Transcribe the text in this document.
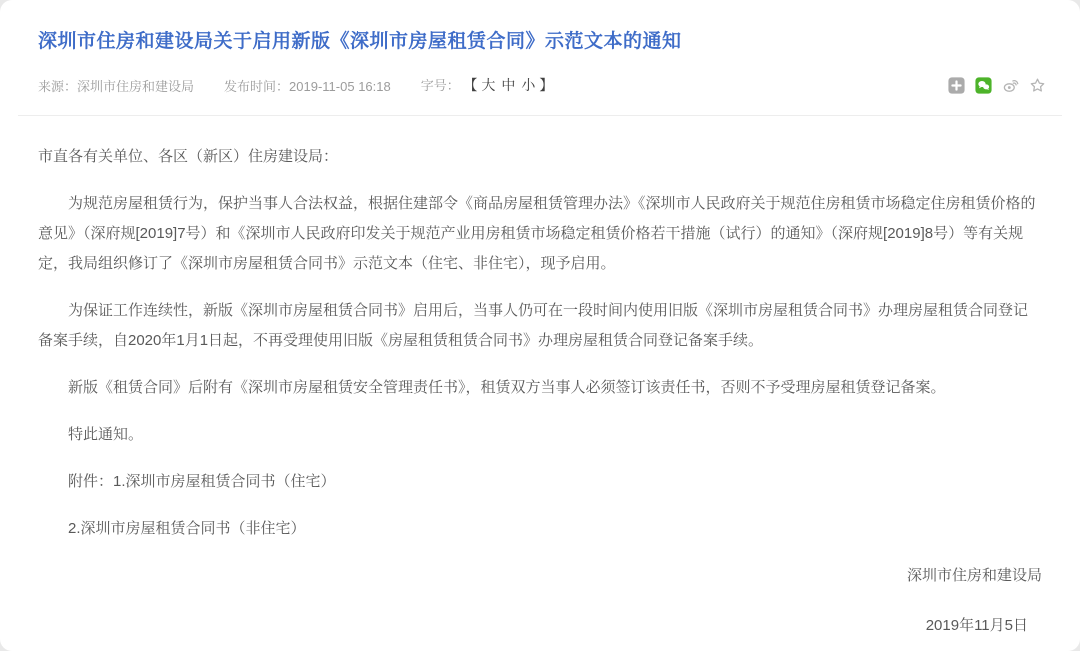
深圳市住房和建设局关于启用新版《深圳市房屋租赁合同》示范文本的通知
来源：深圳市住房和建设局 发布时间：2019-11-05 16:18 字号： 【 大 中 小 】

市直各有关单位、各区（新区）住房建设局：

为规范房屋租赁行为，保护当事人合法权益，根据住建部令《商品房屋租赁管理办法》《深圳市人民政府关于规范住房租赁市场稳定住房租赁价格的意见》（深府规[2019]7号）和《深圳市人民政府印发关于规范产业用房租赁市场稳定租赁价格若干措施（试行）的通知》（深府规[2019]8号）等有关规定，我局组织修订了《深圳市房屋租赁合同书》示范文本（住宅、非住宅），现予启用。

为保证工作连续性，新版《深圳市房屋租赁合同书》启用后，当事人仍可在一段时间内使用旧版《深圳市房屋租赁合同书》办理房屋租赁合同登记备案手续，自2020年1月1日起，不再受理使用旧版《房屋租赁租赁合同书》办理房屋租赁合同登记备案手续。

新版《租赁合同》后附有《深圳市房屋租赁安全管理责任书》，租赁双方当事人必须签订该责任书，否则不予受理房屋租赁登记备案。

特此通知。

附件：1.深圳市房屋租赁合同书（住宅）

2.深圳市房屋租赁合同书（非住宅）

深圳市住房和建设局

2019年11月5日
